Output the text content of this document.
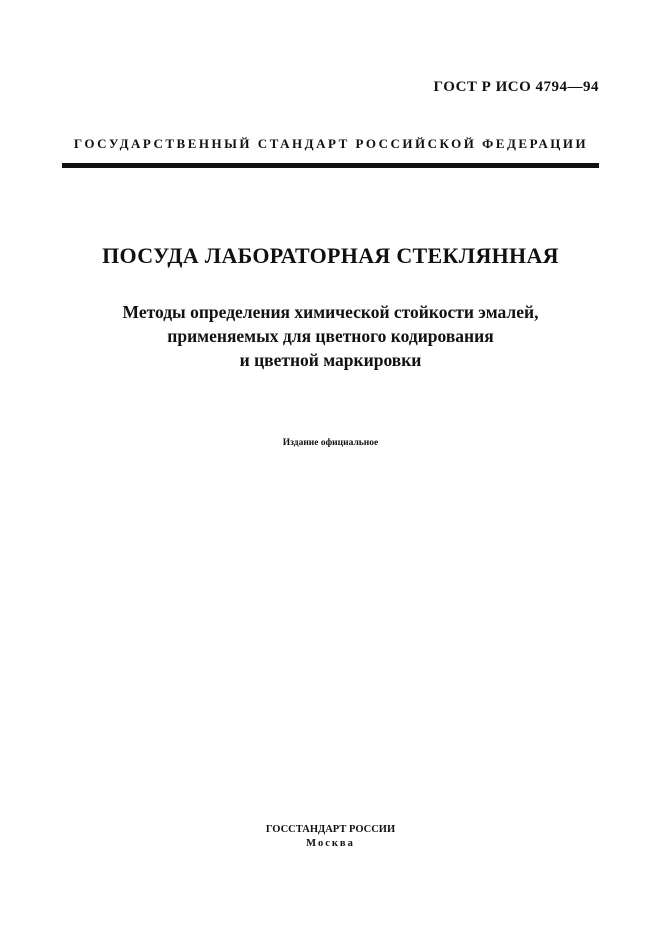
ГОСТ Р ИСО 4794—94
ГОСУДАРСТВЕННЫЙ СТАНДАРТ РОССИЙСКОЙ ФЕДЕРАЦИИ
ПОСУДА ЛАБОРАТОРНАЯ СТЕКЛЯННАЯ
Методы определения химической стойкости эмалей,
применяемых для цветного кодирования
и цветной маркировки
Издание официальное
ГОССТАНДАРТ РОССИИ
Москва
